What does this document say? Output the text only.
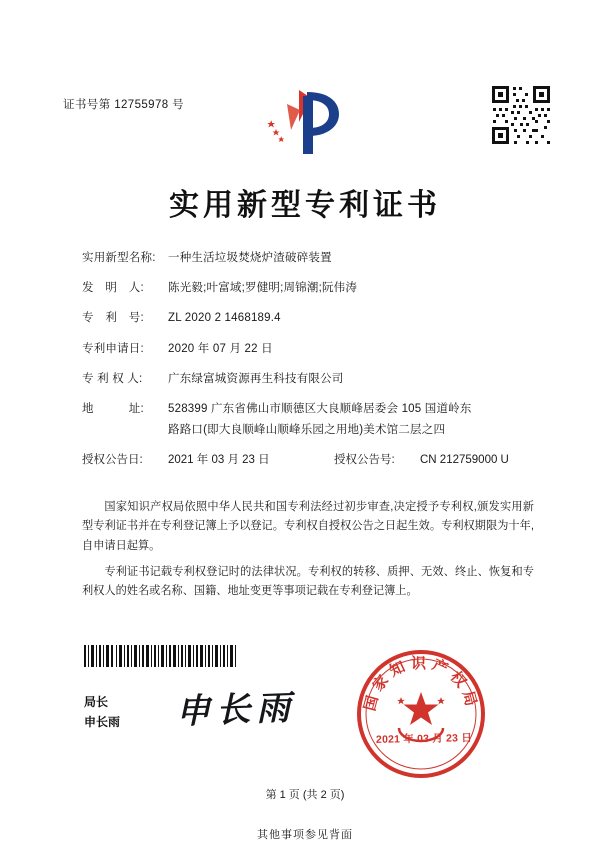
证书号第 12755978 号
实用新型专利证书
实用新型名称:	一种生活垃圾焚烧炉渣破碎装置
发　明　人:	陈光毅;叶富域;罗健明;周锦潮;阮伟涛
专　利　号:	ZL 2020 2 1468189.4
专利申请日:	2020 年 07 月 22 日
专 利 权 人:	广东绿富城资源再生科技有限公司
地　　　址:	528399 广东省佛山市顺德区大良顺峰居委会 105 国道岭东
路路口(即大良顺峰山顺峰乐园之用地)美术馆二层之四
授权公告日:	2021 年 03 月 23 日	授权公告号:	CN 212759000 U

国家知识产权局依照中华人民共和国专利法经过初步审查,决定授予专利权,颁发实用新型专利证书并在专利登记簿上予以登记。专利权自授权公告之日起生效。专利权期限为十年,自申请日起算。

专利证书记载专利权登记时的法律状况。专利权的转移、质押、无效、终止、恢复和专利权人的姓名或名称、国籍、地址变更等事项记载在专利登记簿上。

局长
申长雨 申长雨	国家知识产权局
2021 年 03 月 23 日
第 1 页 (共 2 页)
其他事项参见背面
